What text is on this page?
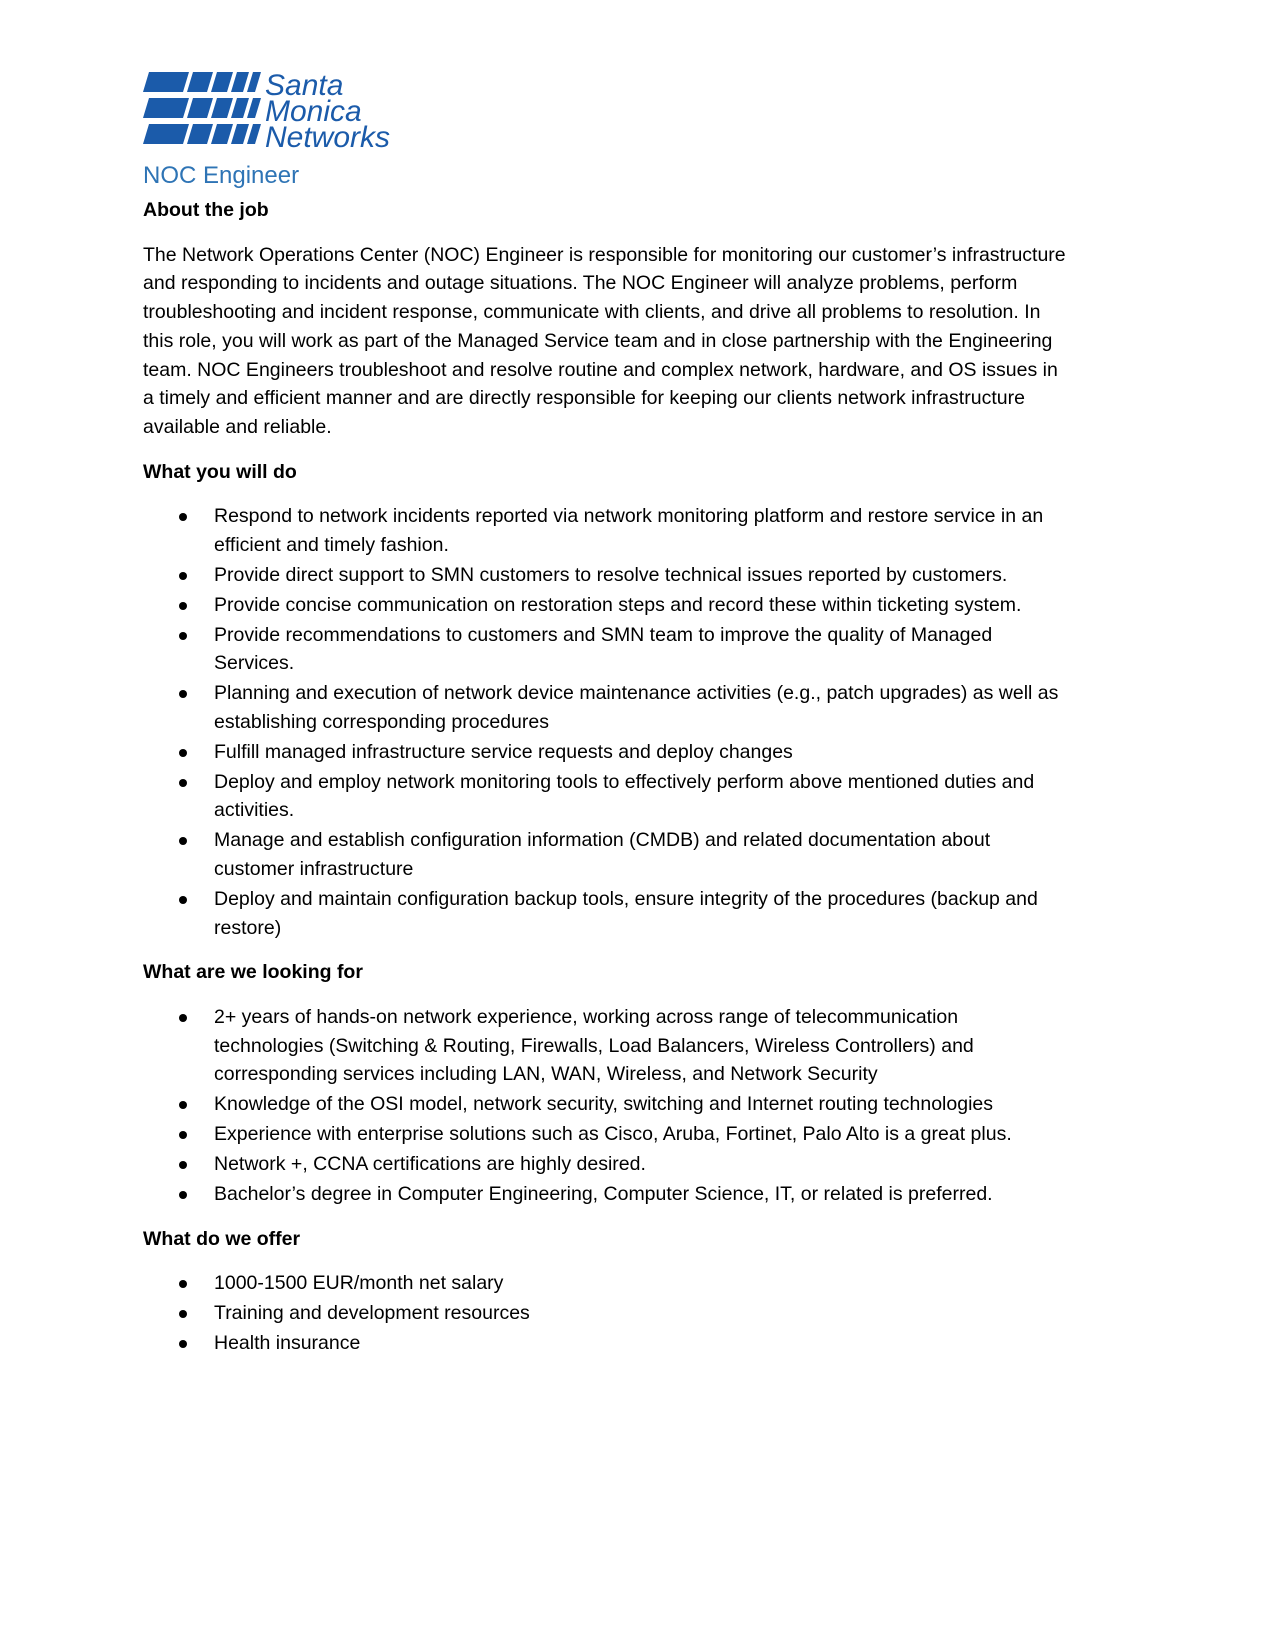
Santa
Monica
Networks
NOC Engineer

About the job

The Network Operations Center (NOC) Engineer is responsible for monitoring our customer’s infrastructure and responding to incidents and outage situations. The NOC Engineer will analyze problems, perform troubleshooting and incident response, communicate with clients, and drive all problems to resolution. In this role, you will work as part of the Managed Service team and in close partnership with the Engineering team. NOC Engineers troubleshoot and resolve routine and complex network, hardware, and OS issues in a timely and efficient manner and are directly responsible for keeping our clients network infrastructure available and reliable.

What you will do

Respond to network incidents reported via network monitoring platform and restore service in an efficient and timely fashion.
Provide direct support to SMN customers to resolve technical issues reported by customers.
Provide concise communication on restoration steps and record these within ticketing system.
Provide recommendations to customers and SMN team to improve the quality of Managed Services.
Planning and execution of network device maintenance activities (e.g., patch upgrades) as well as establishing corresponding procedures
Fulfill managed infrastructure service requests and deploy changes
Deploy and employ network monitoring tools to effectively perform above mentioned duties and activities.
Manage and establish configuration information (CMDB) and related documentation about customer infrastructure
Deploy and maintain configuration backup tools, ensure integrity of the procedures (backup and restore)

What are we looking for

2+ years of hands-on network experience, working across range of telecommunication technologies (Switching & Routing, Firewalls, Load Balancers, Wireless Controllers) and corresponding services including LAN, WAN, Wireless, and Network Security
Knowledge of the OSI model, network security, switching and Internet routing technologies
Experience with enterprise solutions such as Cisco, Aruba, Fortinet, Palo Alto is a great plus.
Network +, CCNA certifications are highly desired.
Bachelor’s degree in Computer Engineering, Computer Science, IT, or related is preferred.

What do we offer

1000-1500 EUR/month net salary
Training and development resources
Health insurance
